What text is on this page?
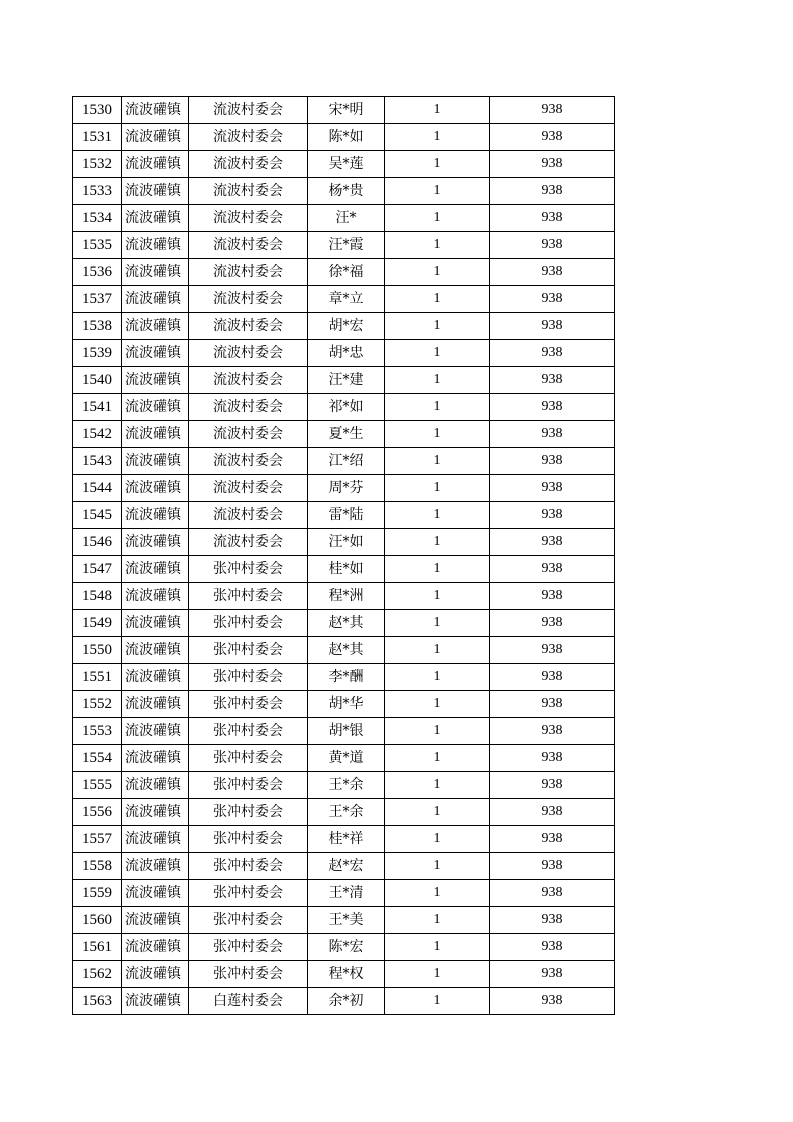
1530	流波礶镇	流波村委会	宋*明	1	938
1531	流波礶镇	流波村委会	陈*如	1	938
1532	流波礶镇	流波村委会	吴*莲	1	938
1533	流波礶镇	流波村委会	杨*贵	1	938
1534	流波礶镇	流波村委会	汪*	1	938
1535	流波礶镇	流波村委会	汪*霞	1	938
1536	流波礶镇	流波村委会	徐*福	1	938
1537	流波礶镇	流波村委会	章*立	1	938
1538	流波礶镇	流波村委会	胡*宏	1	938
1539	流波礶镇	流波村委会	胡*忠	1	938
1540	流波礶镇	流波村委会	汪*建	1	938
1541	流波礶镇	流波村委会	祁*如	1	938
1542	流波礶镇	流波村委会	夏*生	1	938
1543	流波礶镇	流波村委会	江*绍	1	938
1544	流波礶镇	流波村委会	周*芬	1	938
1545	流波礶镇	流波村委会	雷*陆	1	938
1546	流波礶镇	流波村委会	汪*如	1	938
1547	流波礶镇	张冲村委会	桂*如	1	938
1548	流波礶镇	张冲村委会	程*洲	1	938
1549	流波礶镇	张冲村委会	赵*其	1	938
1550	流波礶镇	张冲村委会	赵*其	1	938
1551	流波礶镇	张冲村委会	李*酬	1	938
1552	流波礶镇	张冲村委会	胡*华	1	938
1553	流波礶镇	张冲村委会	胡*银	1	938
1554	流波礶镇	张冲村委会	黄*道	1	938
1555	流波礶镇	张冲村委会	王*余	1	938
1556	流波礶镇	张冲村委会	王*余	1	938
1557	流波礶镇	张冲村委会	桂*祥	1	938
1558	流波礶镇	张冲村委会	赵*宏	1	938
1559	流波礶镇	张冲村委会	王*清	1	938
1560	流波礶镇	张冲村委会	王*美	1	938
1561	流波礶镇	张冲村委会	陈*宏	1	938
1562	流波礶镇	张冲村委会	程*权	1	938
1563	流波礶镇	白莲村委会	余*初	1	938
